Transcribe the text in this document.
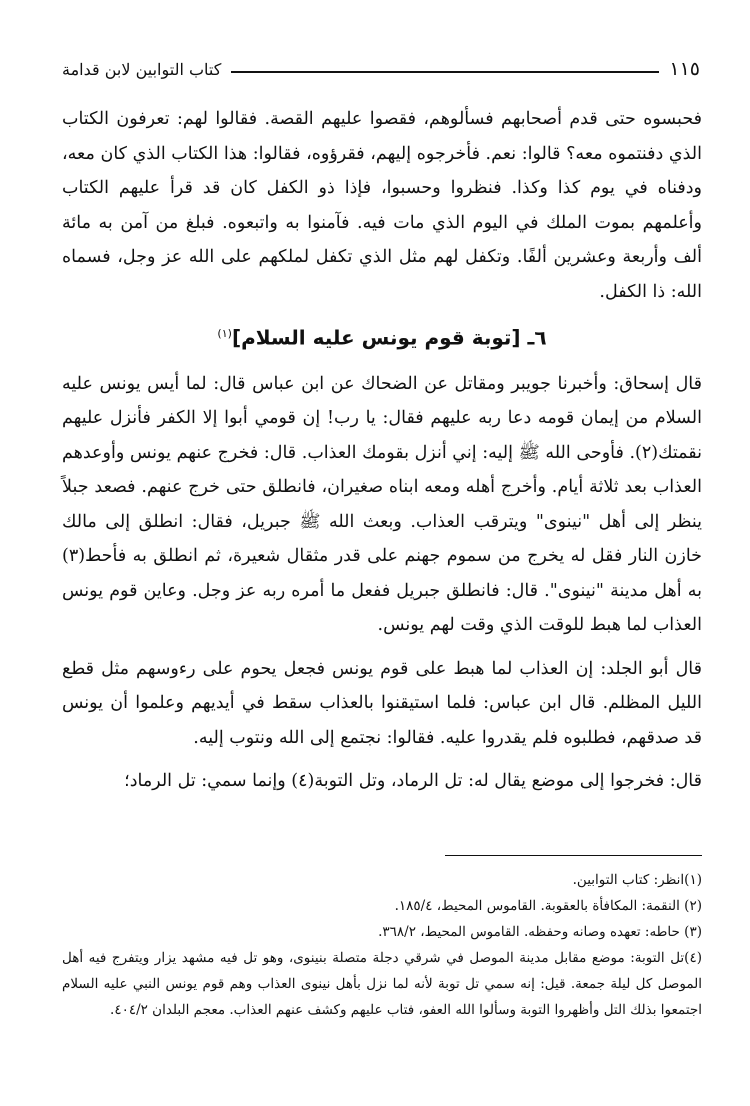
١١٥
كتاب التوابين لابن قدامة

فحبسوه حتى قدم أصحابهم فسألوهم، فقصوا عليهم القصة. فقالوا لهم: تعرفون الكتاب الذي دفنتموه معه؟ قالوا: نعم. فأخرجوه إليهم، فقرؤوه، فقالوا: هذا الكتاب الذي كان معه، ودفناه في يوم كذا وكذا. فنظروا وحسبوا، فإذا ذو الكفل كان قد قرأ عليهم الكتاب وأعلمهم بموت الملك في اليوم الذي مات فيه. فآمنوا به واتبعوه. فبلغ من آمن به مائة ألف وأربعة وعشرين ألفًا. وتكفل لهم مثل الذي تكفل لملكهم على الله عز وجل، فسماه الله: ذا الكفل.

٦ـ [توبة قوم يونس عليه السلام]$^{(١)}$

قال إسحاق: وأخبرنا جويبر ومقاتل عن الضحاك عن ابن عباس قال: لما أيس يونس عليه السلام من إيمان قومه دعا ربه عليهم فقال: يا رب! إن قومي أبوا إلا الكفر فأنزل عليهم نقمتك(٢). فأوحى الله ﷺ إليه: إني أنزل بقومك العذاب. قال: فخرج عنهم يونس وأوعدهم العذاب بعد ثلاثة أيام. وأخرج أهله ومعه ابناه صغيران، فانطلق حتى خرج عنهم. فصعد جبلاً ينظر إلى أهل "نينوى" ويترقب العذاب. وبعث الله ﷺ جبريل، فقال: انطلق إلى مالك خازن النار فقل له يخرج من سموم جهنم على قدر مثقال شعيرة، ثم انطلق به فأحط(٣) به أهل مدينة "نينوى". قال: فانطلق جبريل ففعل ما أمره ربه عز وجل. وعاين قوم يونس العذاب لما هبط للوقت الذي وقت لهم يونس.

قال أبو الجلد: إن العذاب لما هبط على قوم يونس فجعل يحوم على رءوسهم مثل قطع الليل المظلم. قال ابن عباس: فلما استيقنوا بالعذاب سقط في أيديهم وعلموا أن يونس قد صدقهم، فطلبوه فلم يقدروا عليه. فقالوا: نجتمع إلى الله ونتوب إليه.

قال: فخرجوا إلى موضع يقال له: تل الرماد، وتل التوبة(٤) وإنما سمي: تل الرماد؛

(١)انظر: كتاب التوابين.

(٢) النقمة: المكافأة بالعقوبة. القاموس المحيط، ١٨٥/٤.

(٣) حاطه: تعهده وصانه وحفظه. القاموس المحيط، ٣٦٨/٢.

(٤)تل التوبة: موضع مقابل مدينة الموصل في شرقي دجلة متصلة بنينوى، وهو تل فيه مشهد يزار ويتفرج فيه أهل الموصل كل ليلة جمعة. قيل: إنه سمي تل توبة لأنه لما نزل بأهل نينوى العذاب وهم قوم يونس النبي عليه السلام اجتمعوا بذلك التل وأظهروا التوبة وسألوا الله العفو، فتاب عليهم وكشف عنهم العذاب. معجم البلدان ٤٠٤/٢.
